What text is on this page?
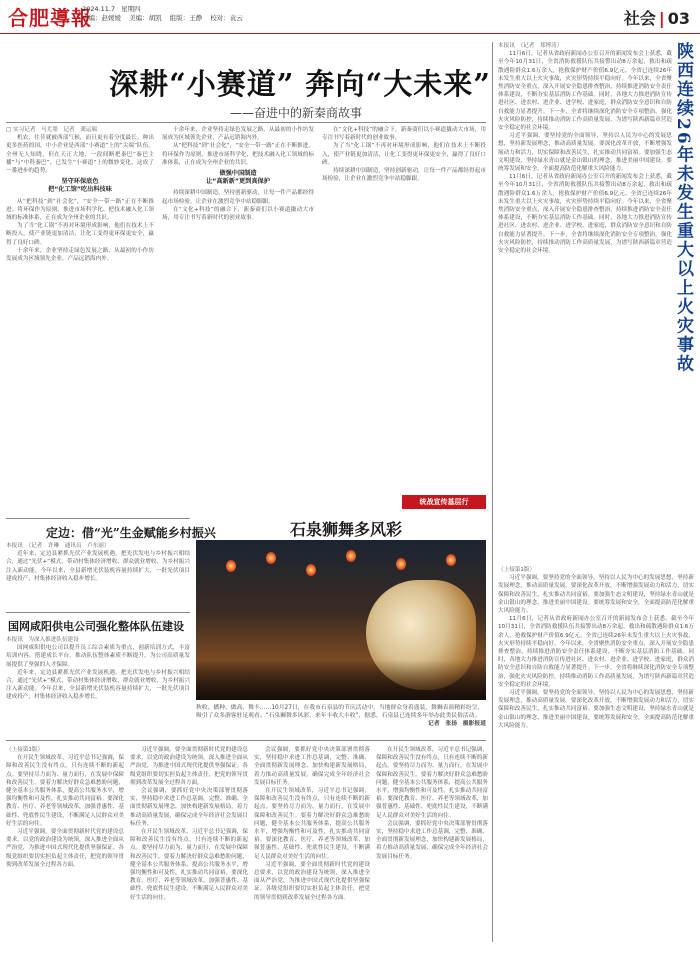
合肥導報
2024.11.7 星期四
责编：赵媛媛 美编：胡凯 组版：王静 校对：袁云	社会 | 03
深耕“小赛道” 奔向“大未来”
——奋进中的新秦商故事

□ 实习记者　马尤墨　记者　龚运瑞

机农，往昔就被西部气候，而且更有着分度最长、种出更多医药的国，中小企业是西部“小赛道”上的“尖端”队伍。全州无人知晓，但在天正大地，一段间断把秦巴“秦巴主播”与“中科秦巴”，已发生“小赛道”上的微妙变化，这成了一番进步的趋势。

坚守环保底色
把“化工馆”吃出科技味

从“把科技”到“社会化”，“安全一带一路”正在不断推进。将环保作为原则、推进市场科学化、把技术融入化工领域的标准体系，正在成为全州企业的共识。

为了当“化工锅”不再对环境形成影响，他们在技术上不断投入，使产业链更加清洁，让化工变得更环保更安全，赢得了良好口碑。

十余年来，企业坚持走绿色发展之路，从最初的小作坊发展成为区域领先企业，产品远销海内外。

十余年来，企业坚持走绿色发展之路，从最初的小作坊发展成为区域领先企业，产品远销海内外。

从“把科技”到“社会化”，“安全一带一路”正在不断推进。将环保作为原则、推进市场科学化、把技术融入化工领域的标准体系，正在成为全州企业的共识。

做强中国制造
让“高新新”更到真保护

持续深耕中国制造，坚持创新驱动，让每一件产品都经得起市场检验，让企业在激烈竞争中站稳脚跟。

在“文化+科技”的融合下，新秦商们以小赛道撬动大市场，用专注书写着新时代的创业故事。

在“文化+科技”的融合下，新秦商们以小赛道撬动大市场，用专注书写着新时代的创业故事。

为了当“化工锅”不再对环境形成影响，他们在技术上不断投入，使产业链更加清洁，让化工变得更环保更安全，赢得了良好口碑。

持续深耕中国制造，坚持创新驱动，让每一件产品都经得起市场检验，让企业在激烈竞争中站稳脚跟。

统战宣传基层行
陕西连续26年未发生重大以上火灾事故

本报讯　（记者　郑博涛）

11月6日，记者从省政府新闻办公室召开的新闻发布会上获悉，截至今年10月31日，全省消防救援队伍共接警出动8万余起，救出和疏散遇险群众1.6万余人，抢救保护财产价值6.9亿元。全省已连续26年未发生重大以上火灾事故，火灾形势持续平稳向好。今年以来，全省聚焦消防安全重点，深入开展安全隐患排查整治，持续推进消防安全责任体系建设，不断夯实基层消防工作基础。同时，各地大力推进消防宣传进社区、进农村、进企业、进学校、进家庭，群众消防安全意识和自防自救能力显著提升。下一步，全省将继续深化消防安全专项整治，强化火灾风险防控，持续推动消防工作高质量发展，为谱写陕西新篇章营造安全稳定的社会环境。

习近平强调，要坚持党的全面领导，坚持以人民为中心的发展思想，坚持新发展理念，推动高质量发展。要深化改革开放，不断增强发展动力和活力，切实保障和改善民生，扎实推动共同富裕。要加强生态文明建设，坚持绿水青山就是金山银山的理念，推进美丽中国建设。要统筹发展和安全，全面提高防范化解重大风险能力。

11月6日，记者从省政府新闻办公室召开的新闻发布会上获悉，截至今年10月31日，全省消防救援队伍共接警出动8万余起，救出和疏散遇险群众1.6万余人，抢救保护财产价值6.9亿元。全省已连续26年未发生重大以上火灾事故，火灾形势持续平稳向好。今年以来，全省聚焦消防安全重点，深入开展安全隐患排查整治，持续推进消防安全责任体系建设，不断夯实基层消防工作基础。同时，各地大力推进消防宣传进社区、进农村、进企业、进学校、进家庭，群众消防安全意识和自防自救能力显著提升。下一步，全省将继续深化消防安全专项整治，强化火灾风险防控，持续推动消防工作高质量发展，为谱写陕西新篇章营造安全稳定的社会环境。

（上接第1版）

习近平强调，要坚持党的全面领导，坚持以人民为中心的发展思想，坚持新发展理念，推动高质量发展。要深化改革开放，不断增强发展动力和活力，切实保障和改善民生，扎实推动共同富裕。要加强生态文明建设，坚持绿水青山就是金山银山的理念，推进美丽中国建设。要统筹发展和安全，全面提高防范化解重大风险能力。

11月6日，记者从省政府新闻办公室召开的新闻发布会上获悉，截至今年10月31日，全省消防救援队伍共接警出动8万余起，救出和疏散遇险群众1.6万余人，抢救保护财产价值6.9亿元。全省已连续26年未发生重大以上火灾事故，火灾形势持续平稳向好。今年以来，全省聚焦消防安全重点，深入开展安全隐患排查整治，持续推进消防安全责任体系建设，不断夯实基层消防工作基础。同时，各地大力推进消防宣传进社区、进农村、进企业、进学校、进家庭，群众消防安全意识和自防自救能力显著提升。下一步，全省将继续深化消防安全专项整治，强化火灾风险防控，持续推动消防工作高质量发展，为谱写陕西新篇章营造安全稳定的社会环境。

习近平强调，要坚持党的全面领导，坚持以人民为中心的发展思想，坚持新发展理念，推动高质量发展。要深化改革开放，不断增强发展动力和活力，切实保障和改善民生，扎实推动共同富裕。要加强生态文明建设，坚持绿水青山就是金山银山的理念，推进美丽中国建设。要统筹发展和安全，全面提高防范化解重大风险能力。

定边：借“光”生金赋能乡村振兴

本报讯　（记者　许琳　通讯员　卢东丽）

近年来，定边县紧抓光伏产业发展机遇，把光伏发电与乡村振兴相结合，通过“光伏+”模式，带动村集体经济增收、群众就业增收，为乡村振兴注入新动能。今年以来，全县新增光伏装机容量持续扩大，一批光伏项目建成投产，村集体经济收入稳步增长。

国网咸阳供电公司强化整体队伍建设

本报讯　为深入推进队伍建设

国网咸阳供电公司以提升员工综合素质为重点，创新培训方式，丰富培训内容，搭建成长平台，推动队伍整体素质不断提升，为公司高质量发展提供了坚强的人才保障。

近年来，定边县紧抓光伏产业发展机遇，把光伏发电与乡村振兴相结合，通过“光伏+”模式，带动村集体经济增收、群众就业增收，为乡村振兴注入新动能。今年以来，全县新增光伏装机容量持续扩大，一批光伏项目建成投产，村集体经济收入稳步增长。

石泉狮舞多风彩
秋收、播种、做高、舞丰……10月27日，在我市石泉县的节庆活动中，当地群众身着盛装，舞狮表演精彩纷呈，吸引了众多游客驻足观看。“石泉狮舞多风彩，来年丰收大丰收”，据悉，石泉县已连续多年举办此类民俗活动。
记者　张扬　摄影报道

（上接第1版）

在开民生领域改革，习近平总书记强调，保障和改善民生没有终点，只有连续不断的新起点。要坚持尽力而为、量力而行，在发展中保障和改善民生。要着力解决好群众急难愁盼问题，健全基本公共服务体系，提高公共服务水平，增强均衡性和可及性，扎实推动共同富裕。要深化教育、医疗、养老等领域改革，加强普惠性、基础性、兜底性民生建设，不断满足人民群众对美好生活的向往。

习近平强调，要全面贯彻新时代党的建设总要求，以党的政治建设为统领，深入推进全面从严治党，为推进中国式现代化提供坚强保证。各级党组织要切实担负起主体责任，把党的领导贯彻到改革发展全过程各方面。

习近平强调，要全面贯彻新时代党的建设总要求，以党的政治建设为统领，深入推进全面从严治党，为推进中国式现代化提供坚强保证。各级党组织要切实担负起主体责任，把党的领导贯彻到改革发展全过程各方面。

会议强调，要抓好党中央决策部署贯彻落实，坚持稳中求进工作总基调，完整、准确、全面贯彻新发展理念，加快构建新发展格局，着力推动高质量发展，确保完成全年经济社会发展目标任务。

在开民生领域改革，习近平总书记强调，保障和改善民生没有终点，只有连续不断的新起点。要坚持尽力而为、量力而行，在发展中保障和改善民生。要着力解决好群众急难愁盼问题，健全基本公共服务体系，提高公共服务水平，增强均衡性和可及性，扎实推动共同富裕。要深化教育、医疗、养老等领域改革，加强普惠性、基础性、兜底性民生建设，不断满足人民群众对美好生活的向往。

会议强调，要抓好党中央决策部署贯彻落实，坚持稳中求进工作总基调，完整、准确、全面贯彻新发展理念，加快构建新发展格局，着力推动高质量发展，确保完成全年经济社会发展目标任务。

在开民生领域改革，习近平总书记强调，保障和改善民生没有终点，只有连续不断的新起点。要坚持尽力而为、量力而行，在发展中保障和改善民生。要着力解决好群众急难愁盼问题，健全基本公共服务体系，提高公共服务水平，增强均衡性和可及性，扎实推动共同富裕。要深化教育、医疗、养老等领域改革，加强普惠性、基础性、兜底性民生建设，不断满足人民群众对美好生活的向往。

习近平强调，要全面贯彻新时代党的建设总要求，以党的政治建设为统领，深入推进全面从严治党，为推进中国式现代化提供坚强保证。各级党组织要切实担负起主体责任，把党的领导贯彻到改革发展全过程各方面。

在开民生领域改革，习近平总书记强调，保障和改善民生没有终点，只有连续不断的新起点。要坚持尽力而为、量力而行，在发展中保障和改善民生。要着力解决好群众急难愁盼问题，健全基本公共服务体系，提高公共服务水平，增强均衡性和可及性，扎实推动共同富裕。要深化教育、医疗、养老等领域改革，加强普惠性、基础性、兜底性民生建设，不断满足人民群众对美好生活的向往。

会议强调，要抓好党中央决策部署贯彻落实，坚持稳中求进工作总基调，完整、准确、全面贯彻新发展理念，加快构建新发展格局，着力推动高质量发展，确保完成全年经济社会发展目标任务。
